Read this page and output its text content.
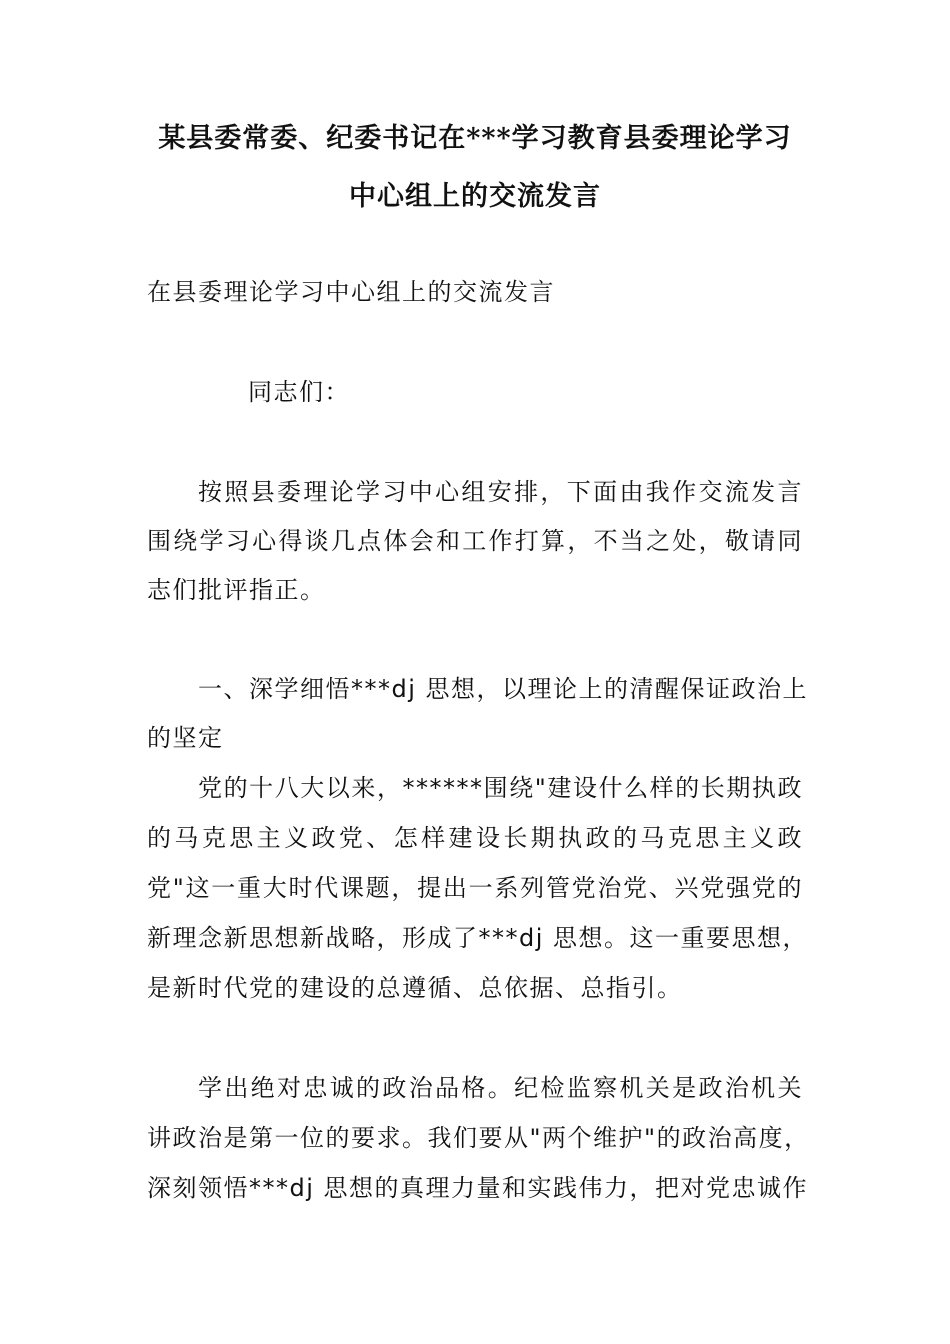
某县委常委、纪委书记在***学习教育县委理论学习
中心组上的交流发言
在县委理论学习中心组上的交流发言
同志们：
按照县委理论学习中心组安排，下面由我作交流发言
围绕学习心得谈几点体会和工作打算，不当之处，敬请同
志们批评指正。
一、深学细悟***dj 思想，以理论上的清醒保证政治上
的坚定
党的十八大以来，******围绕"建设什么样的长期执政
的马克思主义政党、怎样建设长期执政的马克思主义政
党"这一重大时代课题，提出一系列管党治党、兴党强党的
新理念新思想新战略，形成了***dj 思想。这一重要思想，
是新时代党的建设的总遵循、总依据、总指引。
学出绝对忠诚的政治品格。纪检监察机关是政治机关
讲政治是第一位的要求。我们要从"两个维护"的政治高度，
深刻领悟***dj 思想的真理力量和实践伟力，把对党忠诚作
